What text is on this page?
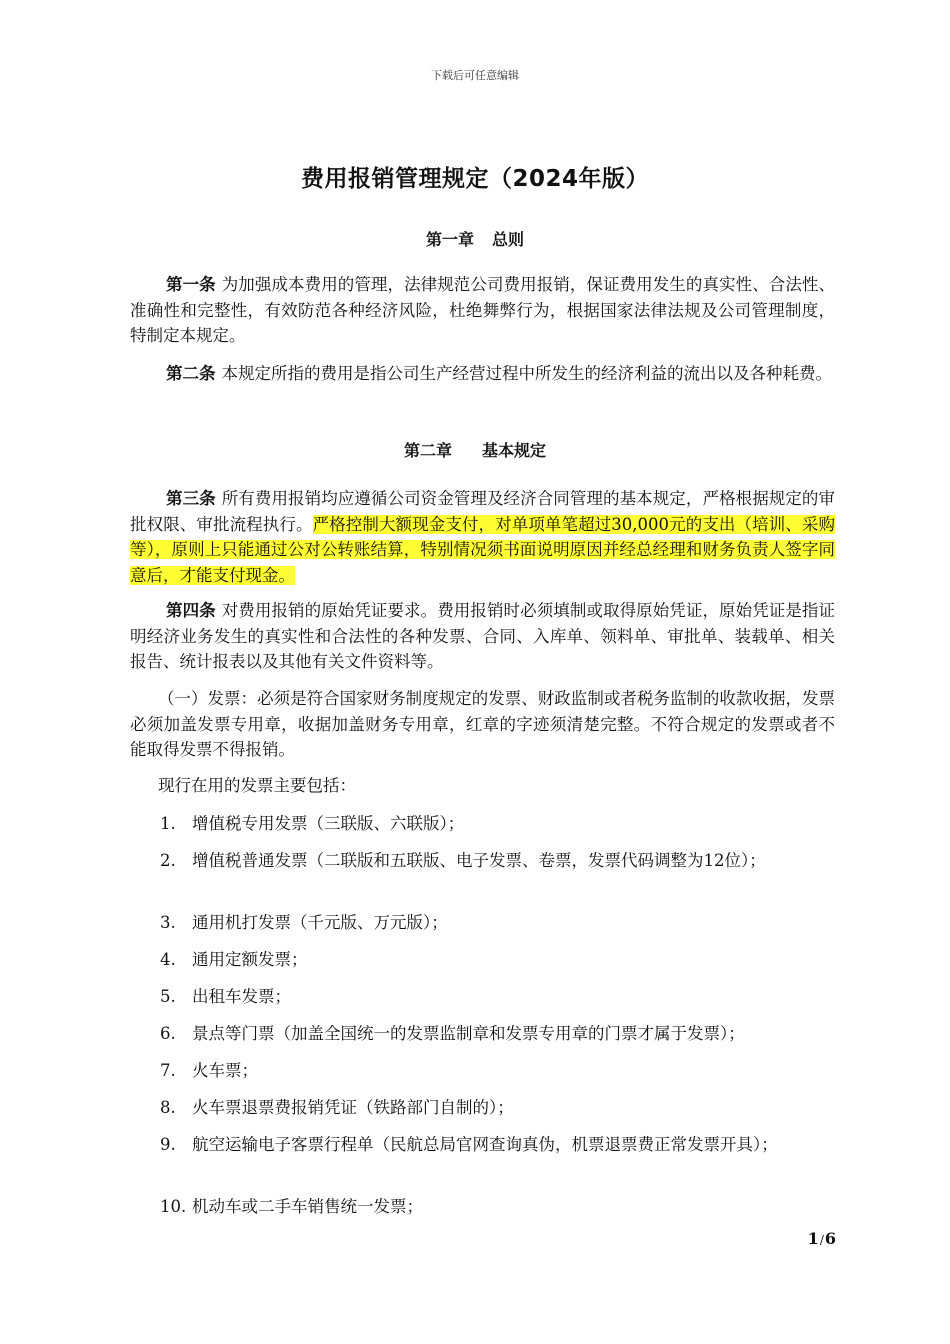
下载后可任意编辑
费用报销管理规定（2024年版）
第一章 总则

第一条 为加强成本费用的管理，法律规范公司费用报销，保证费用发生的真实性、合法性、准确性和完整性，有效防范各种经济风险，杜绝舞弊行为，根据国家法律法规及公司管理制度，特制定本规定。

第二条 本规定所指的费用是指公司生产经营过程中所发生的经济利益的流出以及各种耗费。

第二章 基本规定

第三条 所有费用报销均应遵循公司资金管理及经济合同管理的基本规定，严格根据规定的审批权限、审批流程执行。严格控制大额现金支付，对单项单笔超过30,000元的支出（培训、采购等），原则上只能通过公对公转账结算，特别情况须书面说明原因并经总经理和财务负责人签字同意后，才能支付现金。

第四条 对费用报销的原始凭证要求。费用报销时必须填制或取得原始凭证，原始凭证是指证明经济业务发生的真实性和合法性的各种发票、合同、入库单、领料单、审批单、装载单、相关报告、统计报表以及其他有关文件资料等。

（一）发票：必须是符合国家财务制度规定的发票、财政监制或者税务监制的收款收据，发票必须加盖发票专用章，收据加盖财务专用章，红章的字迹须清楚完整。不符合规定的发票或者不能取得发票不得报销。

现行在用的发票主要包括：

1. 增值税专用发票（三联版、六联版）；
2. 增值税普通发票（二联版和五联版、电子发票、卷票，发票代码调整为12位）；
3. 通用机打发票（千元版、万元版）；
4. 通用定额发票；
5. 出租车发票；
6. 景点等门票（加盖全国统一的发票监制章和发票专用章的门票才属于发票）；
7. 火车票；
8. 火车票退票费报销凭证（铁路部门自制的）；
9. 航空运输电子客票行程单（民航总局官网查询真伪，机票退票费正常发票开具）；
10. 机动车或二手车销售统一发票；
1/6
